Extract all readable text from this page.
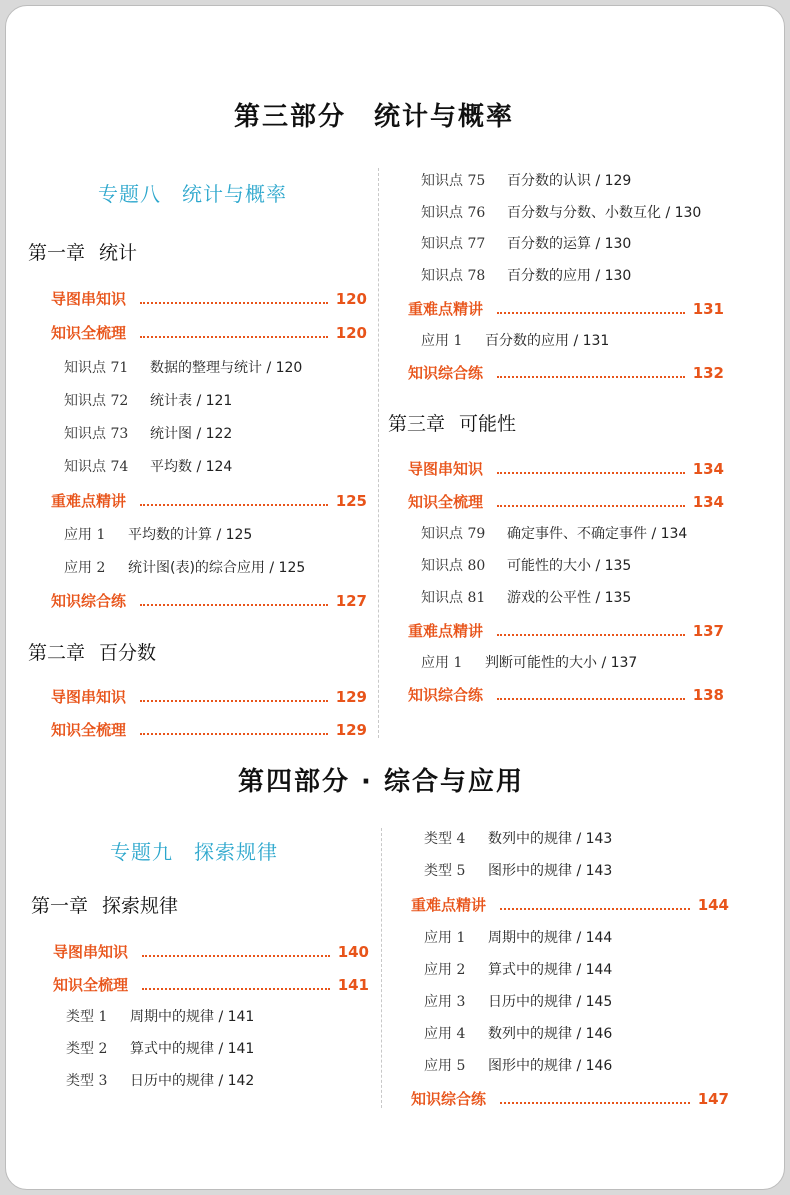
第三部分　统计与概率
专题八　统计与概率
第一章 统计
导图串知识	120
知识全梳理	120
知识点 71 数据的整理与统计 / 120
知识点 72 统计表 / 121
知识点 73 统计图 / 122
知识点 74 平均数 / 124
重难点精讲	125
应用 1 平均数的计算 / 125
应用 2 统计图(表)的综合应用 / 125
知识综合练	127
第二章 百分数
导图串知识	129
知识全梳理	129
知识点 75 百分数的认识 / 129
知识点 76 百分数与分数、小数互化 / 130
知识点 77 百分数的运算 / 130
知识点 78 百分数的应用 / 130
重难点精讲	131
应用 1 百分数的应用 / 131
知识综合练	132
第三章 可能性
导图串知识	134
知识全梳理	134
知识点 79 确定事件、不确定事件 / 134
知识点 80 可能性的大小 / 135
知识点 81 游戏的公平性 / 135
重难点精讲	137
应用 1 判断可能性的大小 / 137
知识综合练	138
第四部分 · 综合与应用
专题九　探索规律
第一章 探索规律
导图串知识	140
知识全梳理	141
类型 1 周期中的规律 / 141
类型 2 算式中的规律 / 141
类型 3 日历中的规律 / 142
类型 4 数列中的规律 / 143
类型 5 图形中的规律 / 143
重难点精讲	144
应用 1 周期中的规律 / 144
应用 2 算式中的规律 / 144
应用 3 日历中的规律 / 145
应用 4 数列中的规律 / 146
应用 5 图形中的规律 / 146
知识综合练	147
